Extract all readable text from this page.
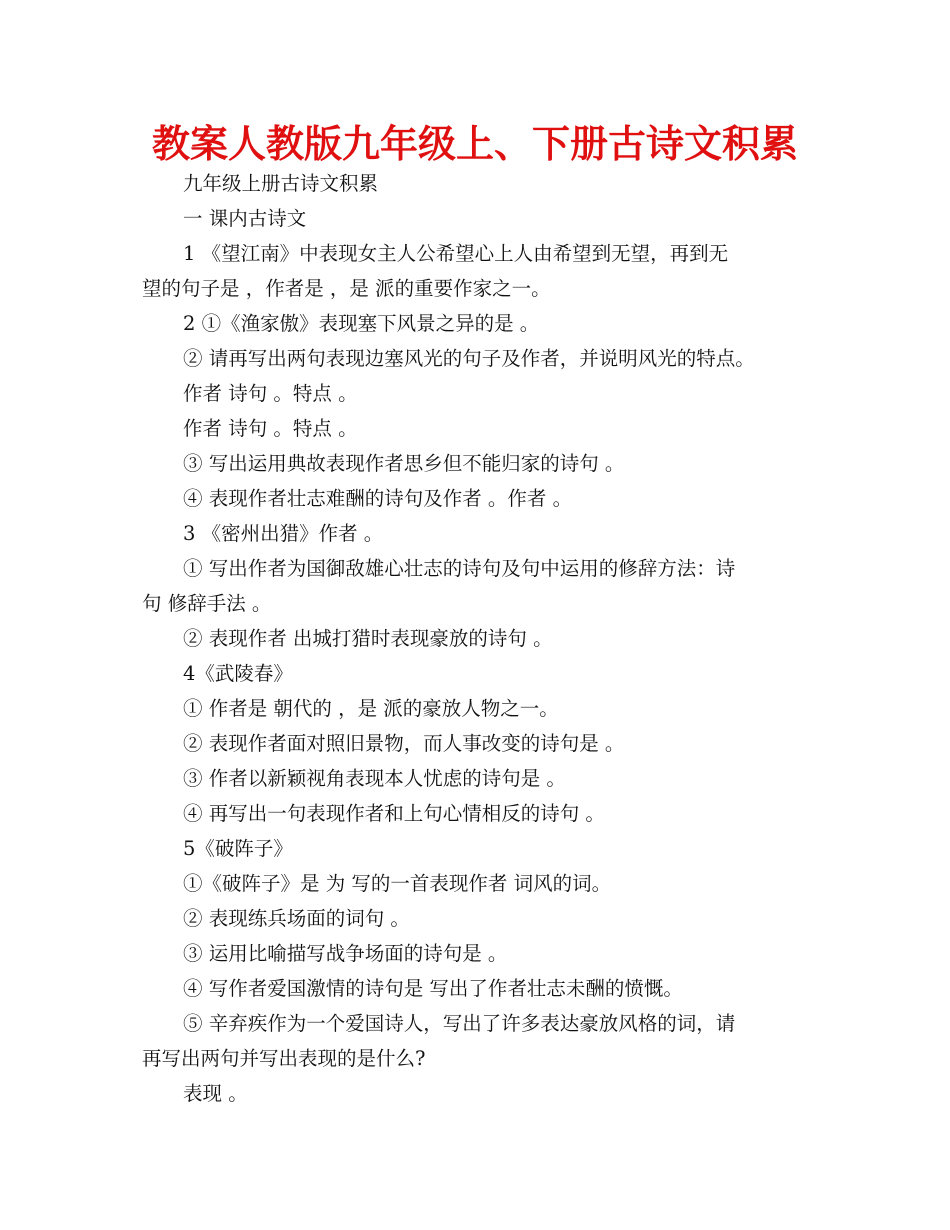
教案人教版九年级上、下册古诗文积累
九年级上册古诗文积累
一 课内古诗文
1 《望江南》中表现女主人公希望心上人由希望到无望，再到无
望的句子是 ，作者是 ，是 派的重要作家之一。
2 ①《渔家傲》表现塞下风景之异的是 。
② 请再写出两句表现边塞风光的句子及作者，并说明风光的特点。
作者 诗句 。特点 。
作者 诗句 。特点 。
③ 写出运用典故表现作者思乡但不能归家的诗句 。
④ 表现作者壮志难酬的诗句及作者 。作者 。
3 《密州出猎》作者 。
① 写出作者为国御敌雄心壮志的诗句及句中运用的修辞方法：诗
句 修辞手法 。
② 表现作者 出城打猎时表现豪放的诗句 。
4《武陵春》
① 作者是 朝代的 ，是 派的豪放人物之一。
② 表现作者面对照旧景物，而人事改变的诗句是 。
③ 作者以新颖视角表现本人忧虑的诗句是 。
④ 再写出一句表现作者和上句心情相反的诗句 。
5《破阵子》
①《破阵子》是 为 写的一首表现作者 词风的词。
② 表现练兵场面的词句 。
③ 运用比喻描写战争场面的诗句是 。
④ 写作者爱国激情的诗句是 写出了作者壮志未酬的愤慨。
⑤ 辛弃疾作为一个爱国诗人，写出了许多表达豪放风格的词，请
再写出两句并写出表现的是什么?
表现 。
